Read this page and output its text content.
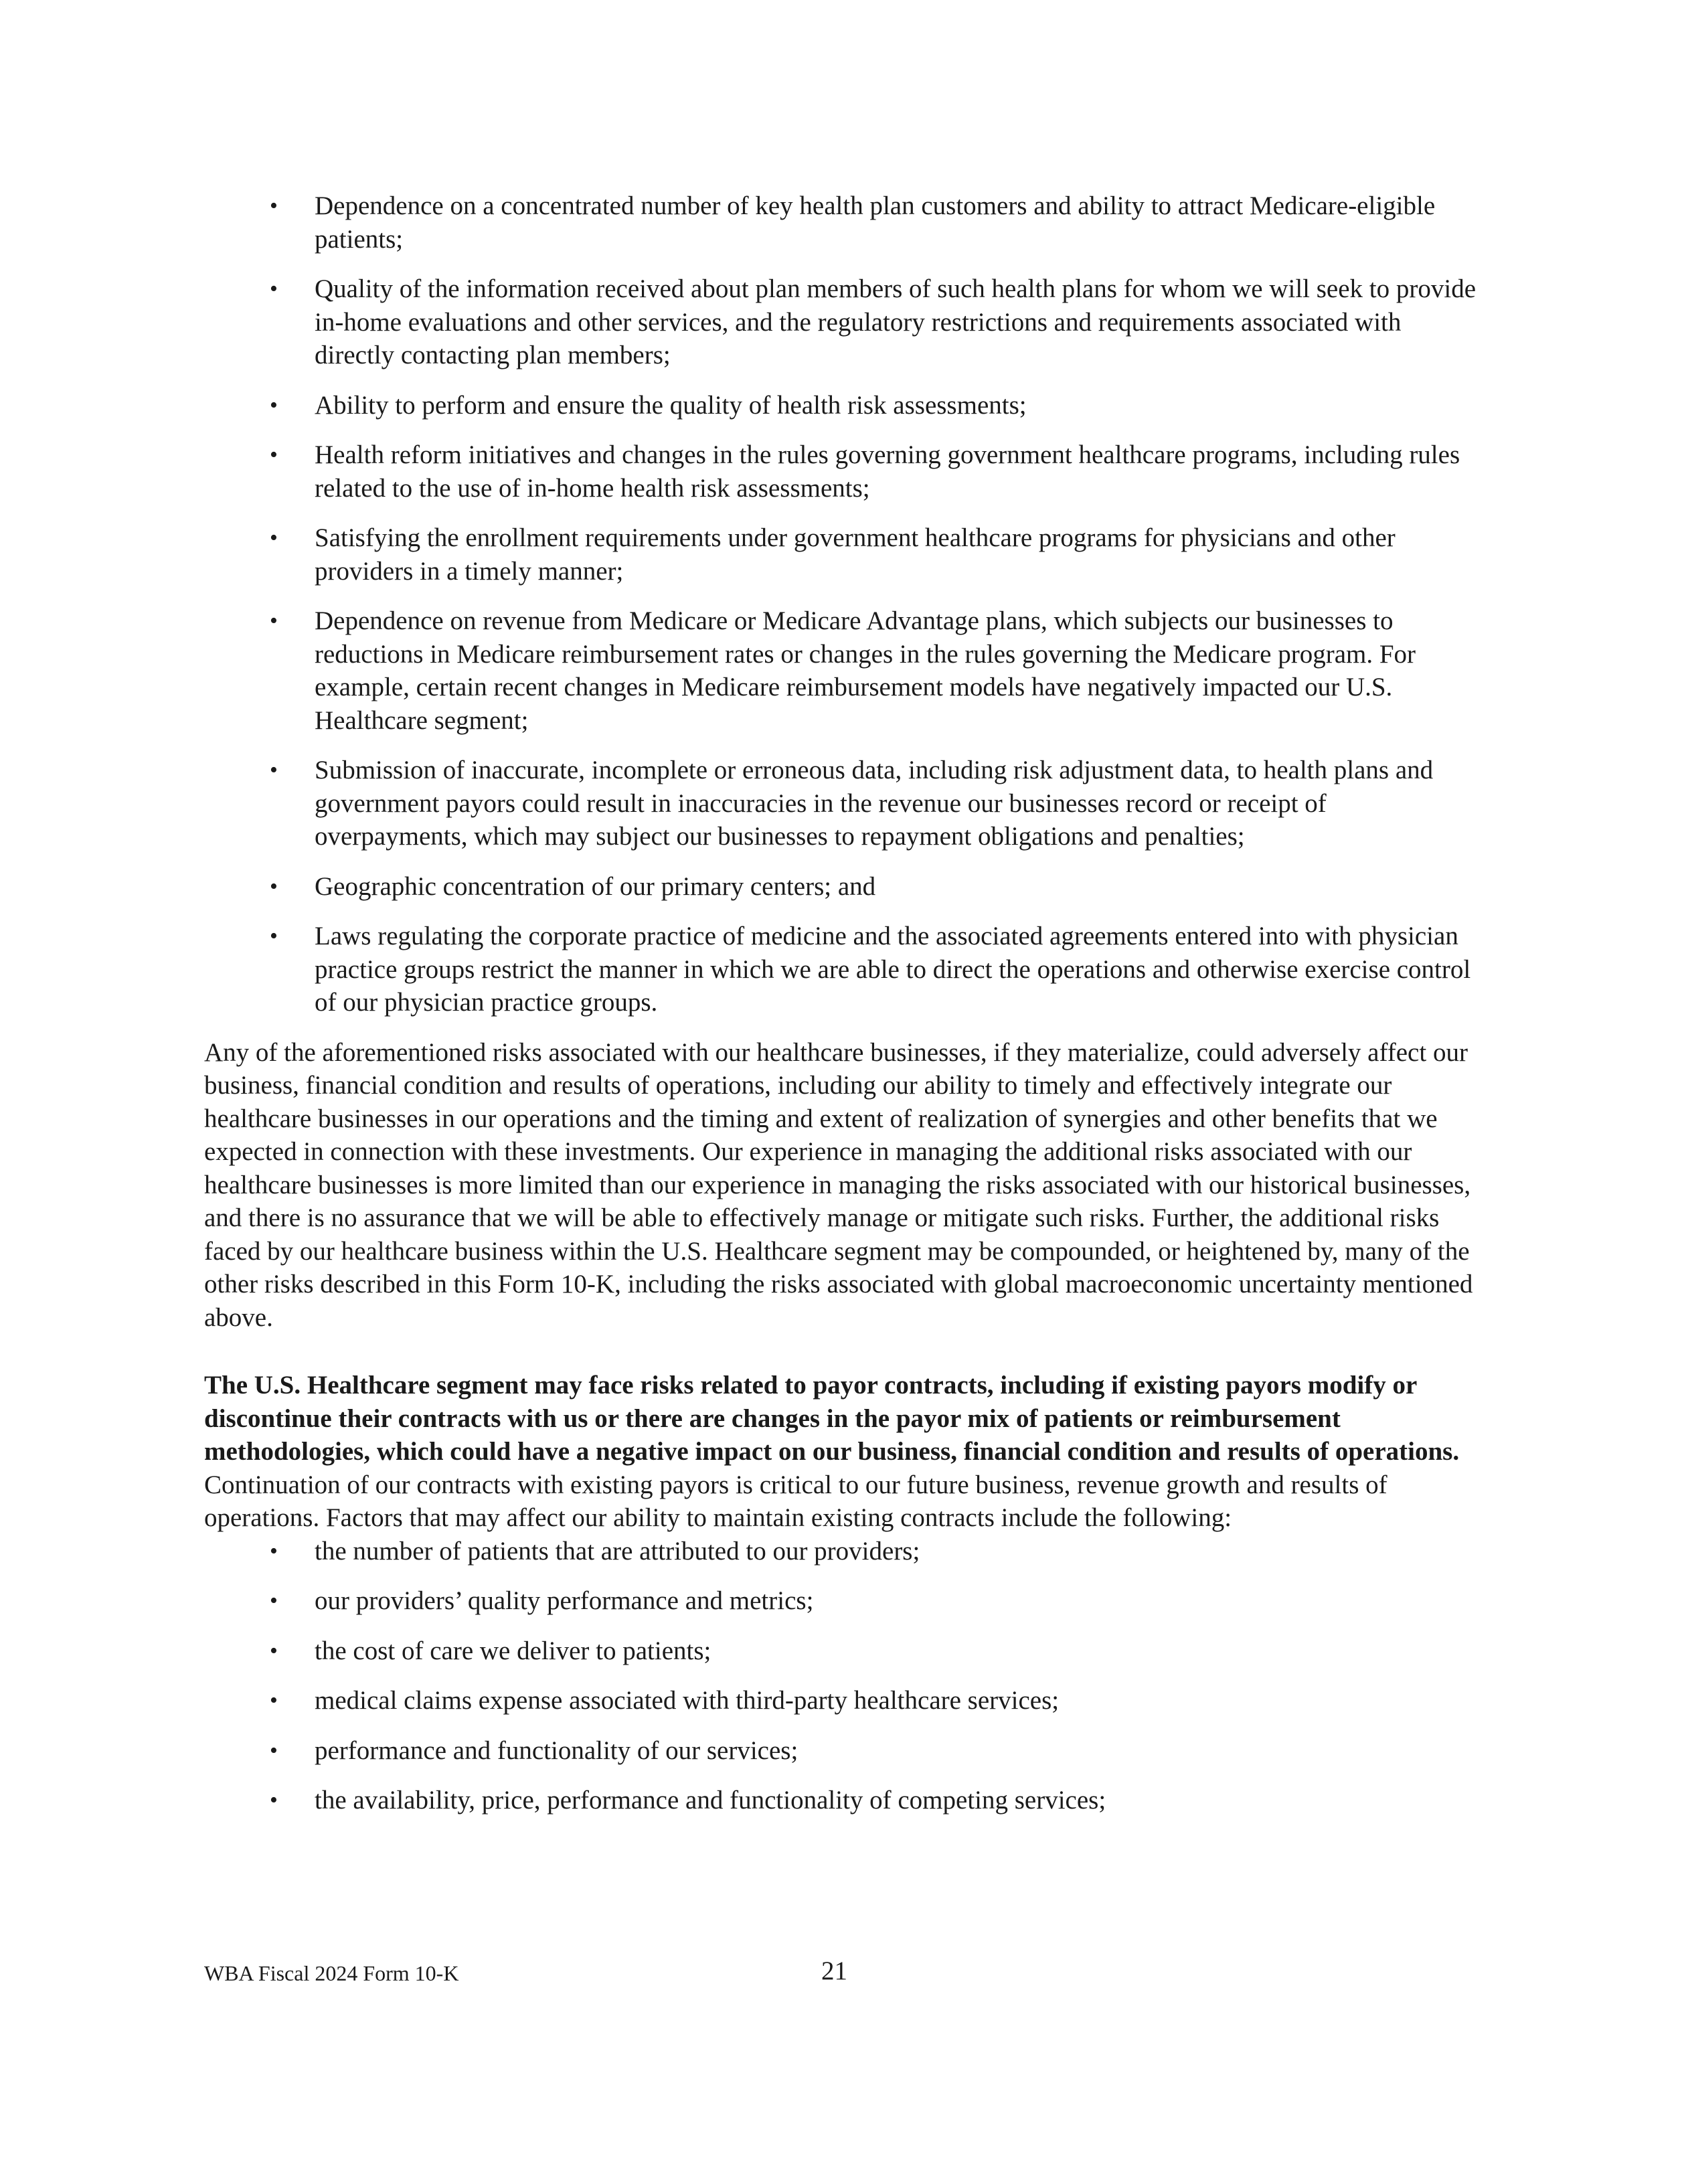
• Dependence on a concentrated number of key health plan customers and ability to attract Medicare-eligible patients;
• Quality of the information received about plan members of such health plans for whom we will seek to provide in-home evaluations and other services, and the regulatory restrictions and requirements associated with directly contacting plan members;
• Ability to perform and ensure the quality of health risk assessments;
• Health reform initiatives and changes in the rules governing government healthcare programs, including rules related to the use of in-home health risk assessments;
• Satisfying the enrollment requirements under government healthcare programs for physicians and other providers in a timely manner;
• Dependence on revenue from Medicare or Medicare Advantage plans, which subjects our businesses to reductions in Medicare reimbursement rates or changes in the rules governing the Medicare program. For example, certain recent changes in Medicare reimbursement models have negatively impacted our U.S. Healthcare segment;
• Submission of inaccurate, incomplete or erroneous data, including risk adjustment data, to health plans and government payors could result in inaccuracies in the revenue our businesses record or receipt of overpayments, which may subject our businesses to repayment obligations and penalties;
• Geographic concentration of our primary centers; and
• Laws regulating the corporate practice of medicine and the associated agreements entered into with physician practice groups restrict the manner in which we are able to direct the operations and otherwise exercise control of our physician practice groups.

Any of the aforementioned risks associated with our healthcare businesses, if they materialize, could adversely affect our business, financial condition and results of operations, including our ability to timely and effectively integrate our healthcare businesses in our operations and the timing and extent of realization of synergies and other benefits that we expected in connection with these investments. Our experience in managing the additional risks associated with our healthcare businesses is more limited than our experience in managing the risks associated with our historical businesses, and there is no assurance that we will be able to effectively manage or mitigate such risks. Further, the additional risks faced by our healthcare business within the U.S. Healthcare segment may be compounded, or heightened by, many of the other risks described in this Form 10-K, including the risks associated with global macroeconomic uncertainty mentioned above.

The U.S. Healthcare segment may face risks related to payor contracts, including if existing payors modify or discontinue their contracts with us or there are changes in the payor mix of patients or reimbursement methodologies, which could have a negative impact on our business, financial condition and results of operations.

Continuation of our contracts with existing payors is critical to our future business, revenue growth and results of operations. Factors that may affect our ability to maintain existing contracts include the following:

• the number of patients that are attributed to our providers;
• our providers’ quality performance and metrics;
• the cost of care we deliver to patients;
• medical claims expense associated with third-party healthcare services;
• performance and functionality of our services;
• the availability, price, performance and functionality of competing services;
WBA Fiscal 2024 Form 10-K	21
